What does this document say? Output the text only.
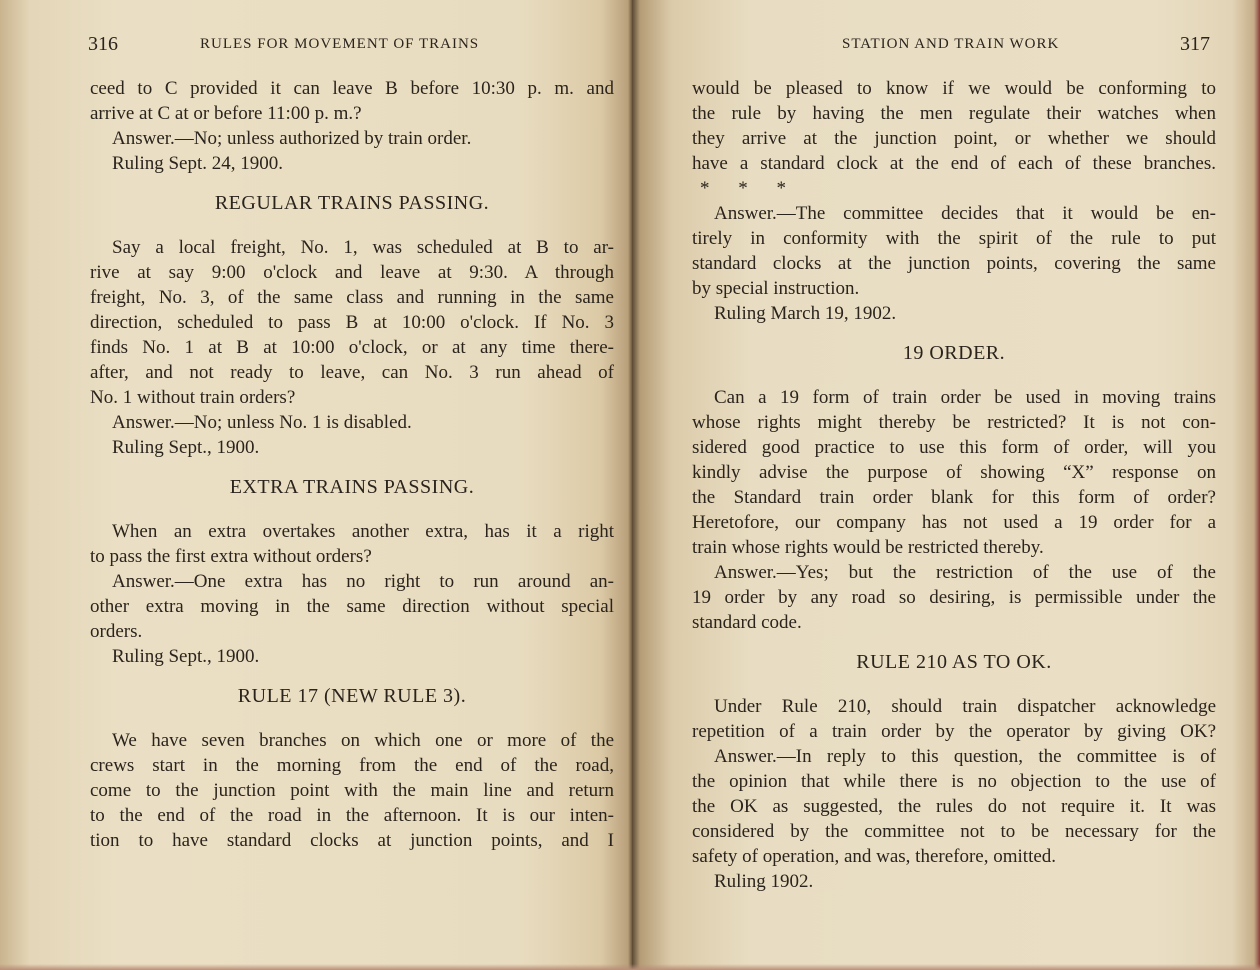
316	RULES FOR MOVEMENT OF TRAINS
ceed to C provided it can leave B before 10:30 p. m. and
arrive at C at or before 11:00 p. m.?
Answer.—No; unless authorized by train order.
Ruling Sept. 24, 1900.
REGULAR TRAINS PASSING.
Say a local freight, No. 1, was scheduled at B to ar-
rive at say 9:00 o'clock and leave at 9:30. A through
freight, No. 3, of the same class and running in the same
direction, scheduled to pass B at 10:00 o'clock. If No. 3
finds No. 1 at B at 10:00 o'clock, or at any time there-
after, and not ready to leave, can No. 3 run ahead of
No. 1 without train orders?
Answer.—No; unless No. 1 is disabled.
Ruling Sept., 1900.
EXTRA TRAINS PASSING.
When an extra overtakes another extra, has it a right
to pass the first extra without orders?
Answer.—One extra has no right to run around an-
other extra moving in the same direction without special
orders.
Ruling Sept., 1900.
RULE 17 (NEW RULE 3).
We have seven branches on which one or more of the
crews start in the morning from the end of the road,
come to the junction point with the main line and return
to the end of the road in the afternoon. It is our inten-
tion to have standard clocks at junction points, and I
STATION AND TRAIN WORK	317
would be pleased to know if we would be conforming to
the rule by having the men regulate their watches when
they arrive at the junction point, or whether we should
have a standard clock at the end of each of these branches.
* * *
Answer.—The committee decides that it would be en-
tirely in conformity with the spirit of the rule to put
standard clocks at the junction points, covering the same
by special instruction.
Ruling March 19, 1902.
19 ORDER.
Can a 19 form of train order be used in moving trains
whose rights might thereby be restricted? It is not con-
sidered good practice to use this form of order, will you
kindly advise the purpose of showing “X” response on
the Standard train order blank for this form of order?
Heretofore, our company has not used a 19 order for a
train whose rights would be restricted thereby.
Answer.—Yes; but the restriction of the use of the
19 order by any road so desiring, is permissible under the
standard code.
RULE 210 AS TO OK.
Under Rule 210, should train dispatcher acknowledge
repetition of a train order by the operator by giving OK?
Answer.—In reply to this question, the committee is of
the opinion that while there is no objection to the use of
the OK as suggested, the rules do not require it. It was
considered by the committee not to be necessary for the
safety of operation, and was, therefore, omitted.
Ruling 1902.
